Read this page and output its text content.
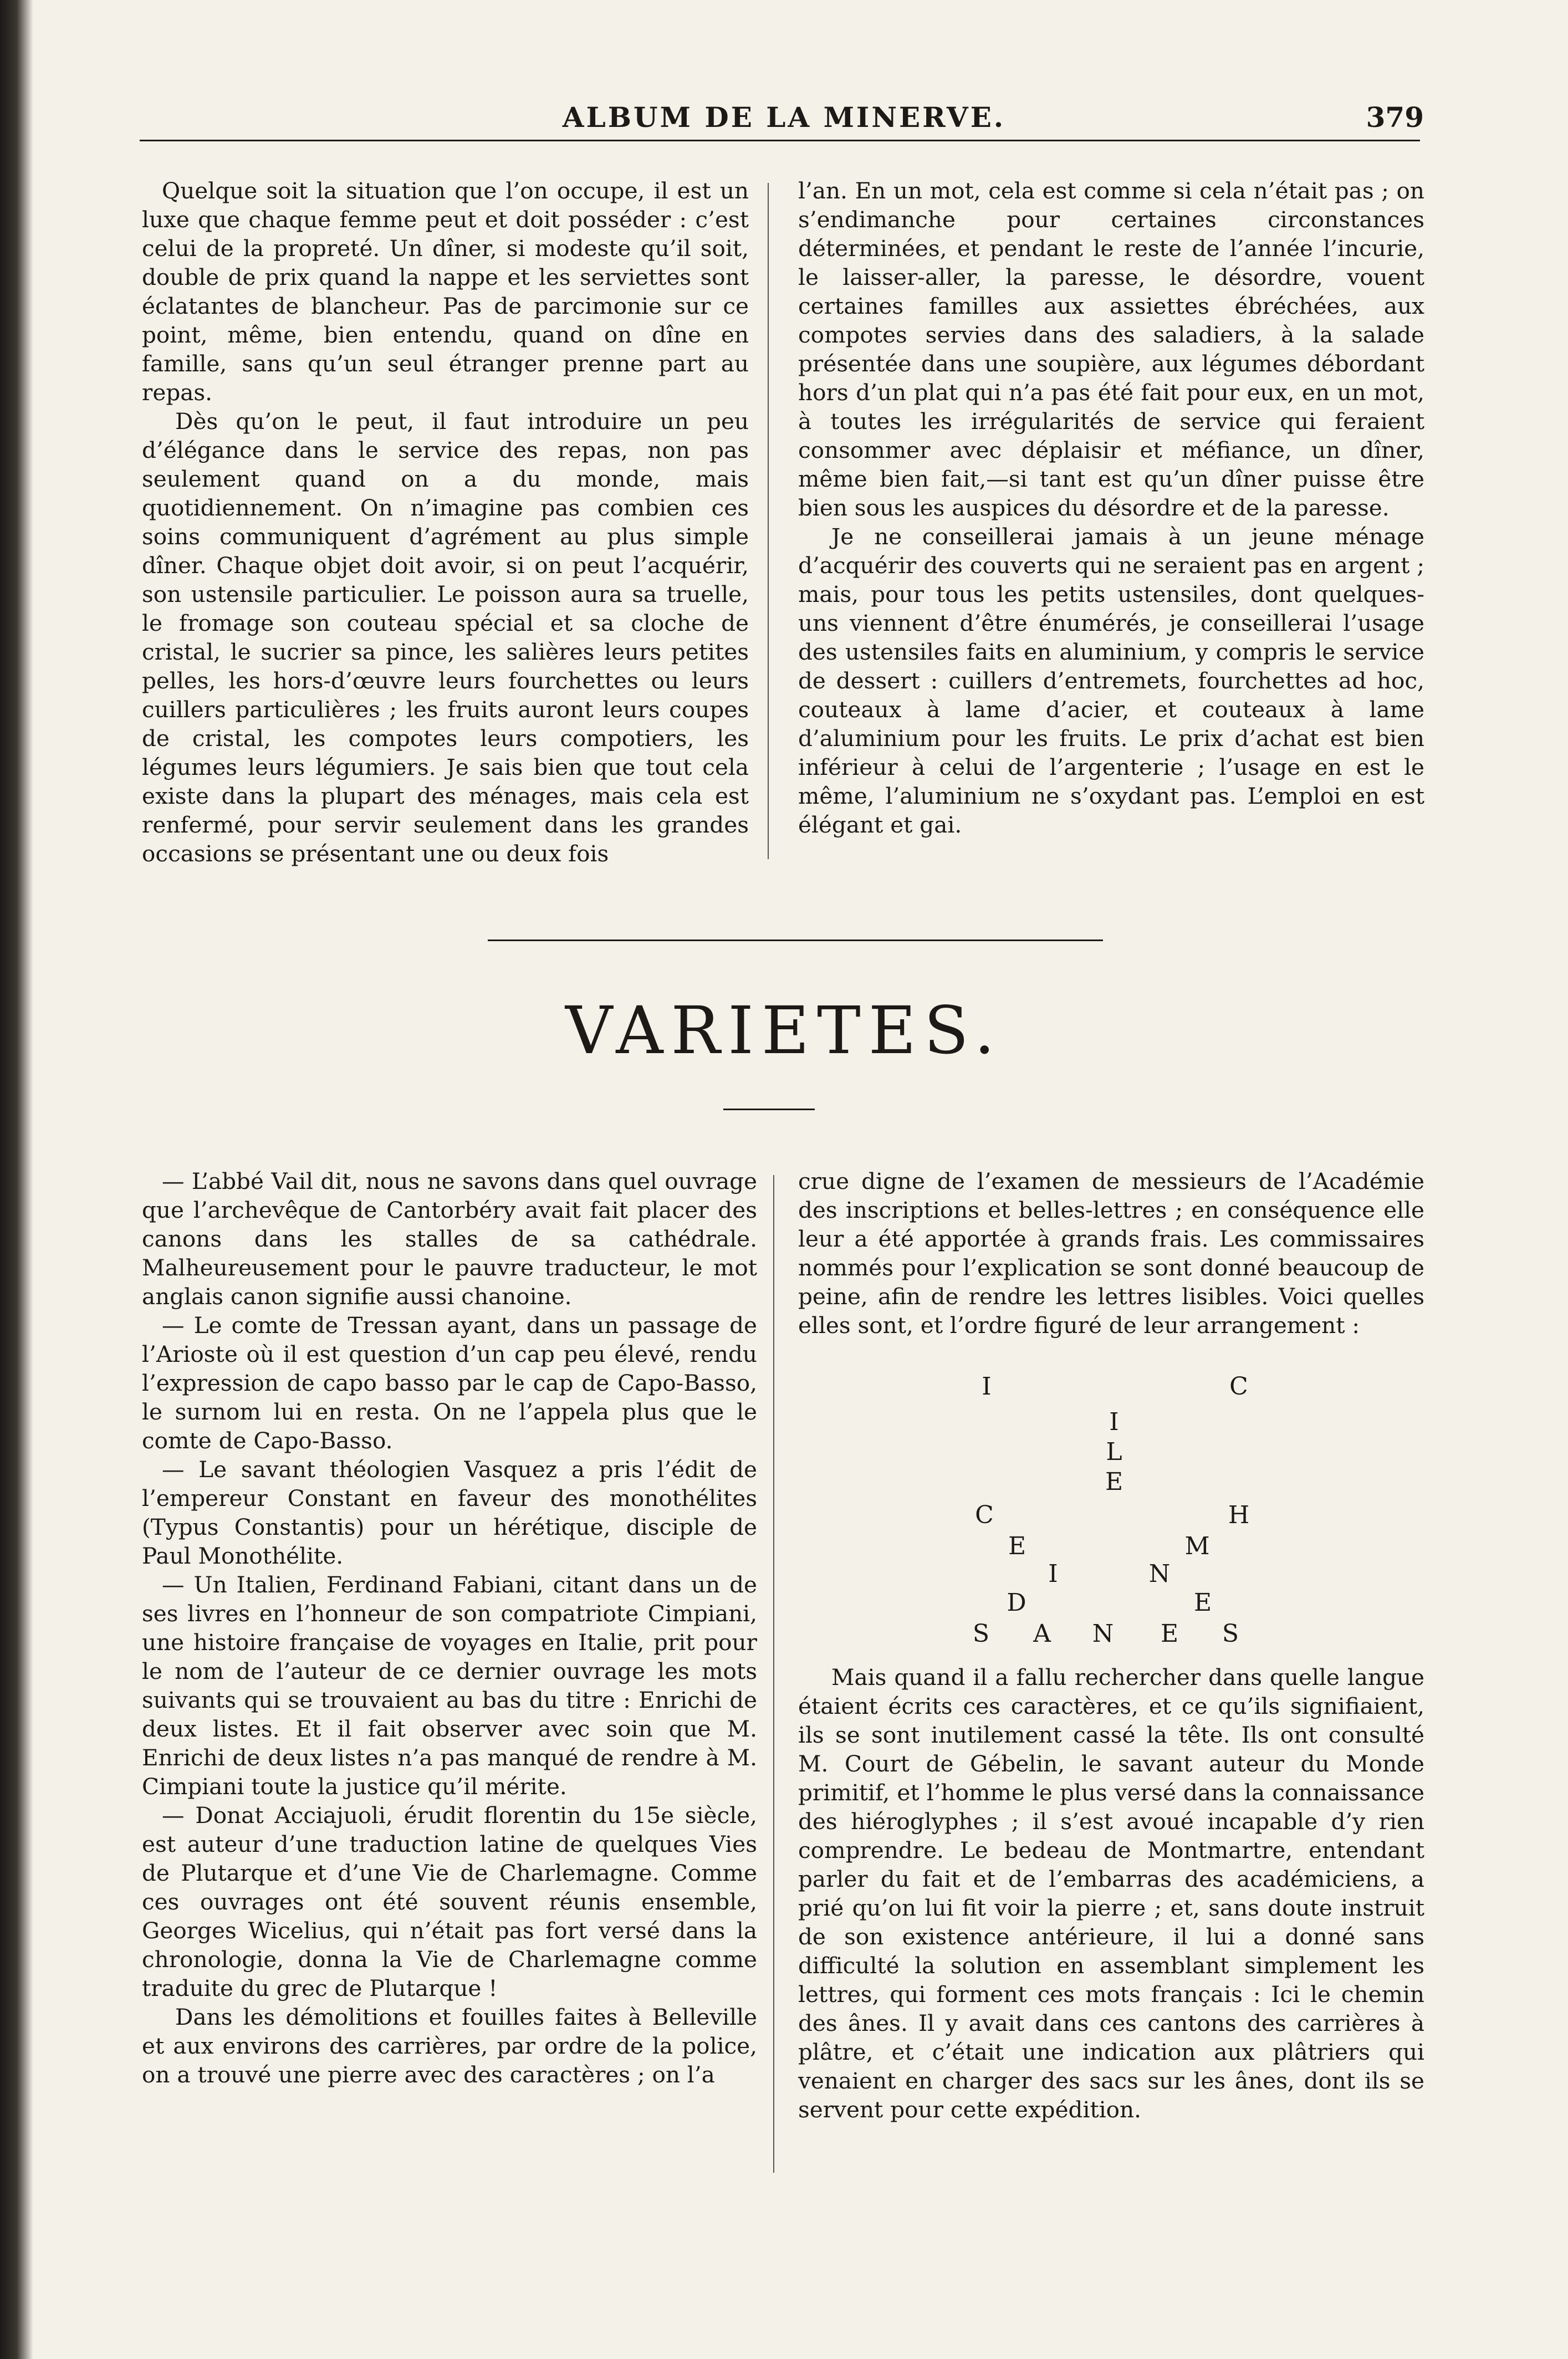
ALBUM DE LA MINERVE.	379

Quelque soit la situation que l’on occupe, il est un luxe que chaque femme peut et doit posséder : c’est celui de la propreté. Un dîner, si modeste qu’il soit, double de prix quand la nappe et les serviettes sont éclatantes de blancheur. Pas de parcimonie sur ce point, même, bien entendu, quand on dîne en famille, sans qu’un seul étranger prenne part au repas.

Dès qu’on le peut, il faut introduire un peu d’élégance dans le service des repas, non pas seulement quand on a du monde, mais quotidiennement. On n’imagine pas combien ces soins communiquent d’agrément au plus simple dîner. Chaque objet doit avoir, si on peut l’acquérir, son ustensile particulier. Le poisson aura sa truelle, le fromage son couteau spécial et sa cloche de cristal, le sucrier sa pince, les salières leurs petites pelles, les hors-d’œuvre leurs fourchettes ou leurs cuillers particulières ; les fruits auront leurs coupes de cristal, les compotes leurs compotiers, les légumes leurs légumiers. Je sais bien que tout cela existe dans la plupart des ménages, mais cela est renfermé, pour servir seulement dans les grandes occasions se présentant une ou deux fois

l’an. En un mot, cela est comme si cela n’était pas ; on s’endimanche pour certaines circonstances déterminées, et pendant le reste de l’année l’incurie, le laisser-aller, la paresse, le désordre, vouent certaines familles aux assiettes ébréchées, aux compotes servies dans des saladiers, à la salade présentée dans une soupière, aux légumes débordant hors d’un plat qui n’a pas été fait pour eux, en un mot, à toutes les irrégularités de service qui feraient consommer avec déplaisir et méfiance, un dîner, même bien fait,—si tant est qu’un dîner puisse être bien sous les auspices du désordre et de la paresse.

Je ne conseillerai jamais à un jeune ménage d’acquérir des couverts qui ne seraient pas en argent ; mais, pour tous les petits ustensiles, dont quelques-uns viennent d’être énumérés, je conseillerai l’usage des ustensiles faits en aluminium, y compris le service de dessert : cuillers d’entremets, fourchettes ad hoc, couteaux à lame d’acier, et couteaux à lame d’aluminium pour les fruits. Le prix d’achat est bien inférieur à celui de l’argenterie ; l’usage en est le même, l’aluminium ne s’oxydant pas. L’emploi en est élégant et gai.

VARIETES.

— L’abbé Vail dit, nous ne savons dans quel ouvrage que l’archevêque de Cantorbéry avait fait placer des canons dans les stalles de sa cathédrale. Malheureusement pour le pauvre traducteur, le mot anglais canon signifie aussi chanoine.

— Le comte de Tressan ayant, dans un passage de l’Arioste où il est question d’un cap peu élevé, rendu l’expression de capo basso par le cap de Capo-Basso, le surnom lui en resta. On ne l’appela plus que le comte de Capo-Basso.

— Le savant théologien Vasquez a pris l’édit de l’empereur Constant en faveur des monothélites (Typus Constantis) pour un hérétique, disciple de Paul Monothélite.

— Un Italien, Ferdinand Fabiani, citant dans un de ses livres en l’honneur de son compatriote Cimpiani, une histoire française de voyages en Italie, prit pour le nom de l’auteur de ce dernier ouvrage les mots suivants qui se trouvaient au bas du titre : Enrichi de deux listes. Et il fait observer avec soin que M. Enrichi de deux listes n’a pas manqué de rendre à M. Cimpiani toute la justice qu’il mérite.

— Donat Acciajuoli, érudit florentin du 15e siècle, est auteur d’une traduction latine de quelques Vies de Plutarque et d’une Vie de Charlemagne. Comme ces ouvrages ont été souvent réunis ensemble, Georges Wicelius, qui n’était pas fort versé dans la chronologie, donna la Vie de Charlemagne comme traduite du grec de Plutarque !

Dans les démolitions et fouilles faites à Belleville et aux environs des carrières, par ordre de la police, on a trouvé une pierre avec des caractères ; on l’a

crue digne de l’examen de messieurs de l’Académie des inscriptions et belles-lettres ; en conséquence elle leur a été apportée à grands frais. Les commissaires nommés pour l’explication se sont donné beaucoup de peine, afin de rendre les lettres lisibles. Voici quelles elles sont, et l’ordre figuré de leur arrangement :

I	C
I
L
E
C	H
E	M
I	N
D	E
S A N E S

Mais quand il a fallu rechercher dans quelle langue étaient écrits ces caractères, et ce qu’ils signifiaient, ils se sont inutilement cassé la tête. Ils ont consulté M. Court de Gébelin, le savant auteur du Monde primitif, et l’homme le plus versé dans la connaissance des hiéroglyphes ; il s’est avoué incapable d’y rien comprendre. Le bedeau de Montmartre, entendant parler du fait et de l’embarras des académiciens, a prié qu’on lui fit voir la pierre ; et, sans doute instruit de son existence antérieure, il lui a donné sans difficulté la solution en assemblant simplement les lettres, qui forment ces mots français : Ici le chemin des ânes. Il y avait dans ces cantons des carrières à plâtre, et c’était une indication aux plâtriers qui venaient en charger des sacs sur les ânes, dont ils se servent pour cette expédition.
